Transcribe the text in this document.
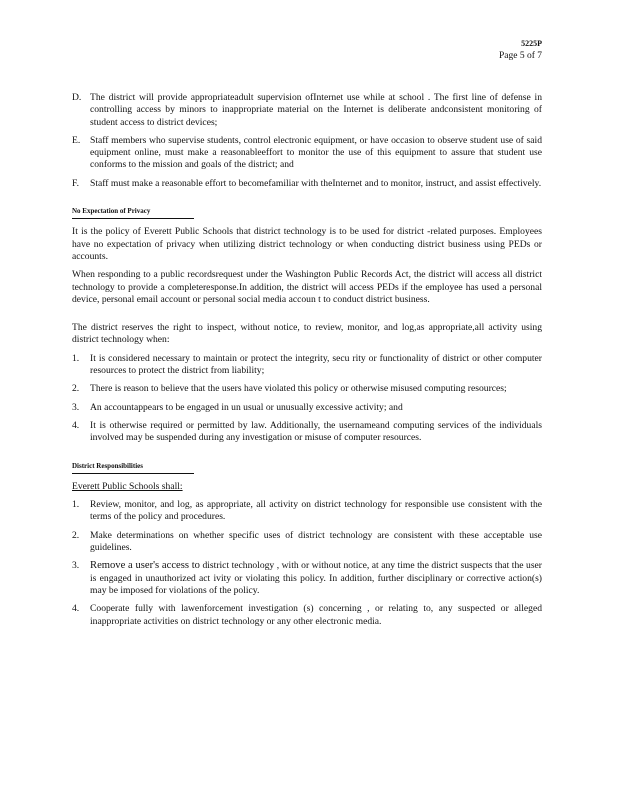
5225P
Page 5 of 7
D. The district will provide appropriateadult supervision ofInternet use while at school . The first line of defense in controlling access by minors to inappropriate material on the Internet is deliberate andconsistent monitoring of student access to district devices;
E.	Staff members who supervise students, control electronic equipment, or have occasion to observe student use of said equipment online, must make a reasonableeffort to monitor the use of this equipment to assure that student use conforms to the mission and goals of the district; and
F.	Staff must make a reasonable effort to becomefamiliar with theInternet and to monitor, instruct, and assist effectively.
No Expectation of Privacy

It is the policy of Everett Public Schools that district technology is to be used for district -related purposes. Employees have no expectation of privacy when utilizing district technology or when conducting district business using PEDs or accounts.

When responding to a public recordsrequest under the Washington Public Records Act, the district will access all district technology to provide a completeresponse.In addition, the district will access PEDs if the employee has used a personal device, personal email account or personal social media accoun t to conduct district business.

The district reserves the right to inspect, without notice, to review, monitor, and log,as appropriate,all activity using district technology when:

1.	It is considered necessary to maintain or protect the integrity, secu rity or functionality of district or other computer resources to protect the district from liability;
2.	There is reason to believe that the users have violated this policy or otherwise misused computing resources;
3.	An accountappears to be engaged in un usual or unusually excessive activity; and
4.	It is otherwise required or permitted by law. Additionally, the usernameand computing services of the individuals involved may be suspended during any investigation or misuse of computer resources.
District Responsibilities

Everett Public Schools shall:

1.	Review, monitor, and log, as appropriate, all activity on district technology for responsible use consistent with the terms of the policy and procedures.
2.	Make determinations on whether specific uses of district technology are consistent with these acceptable use guidelines.
3.	Remove a user's access to district technology , with or without notice, at any time the district suspects that the user is engaged in unauthorized act ivity or violating this policy. In addition, further disciplinary or corrective action(s) may be imposed for violations of the policy.
4.	Cooperate fully with lawenforcement investigation (s) concerning , or relating to, any suspected or alleged inappropriate activities on district technology or any other electronic media.
